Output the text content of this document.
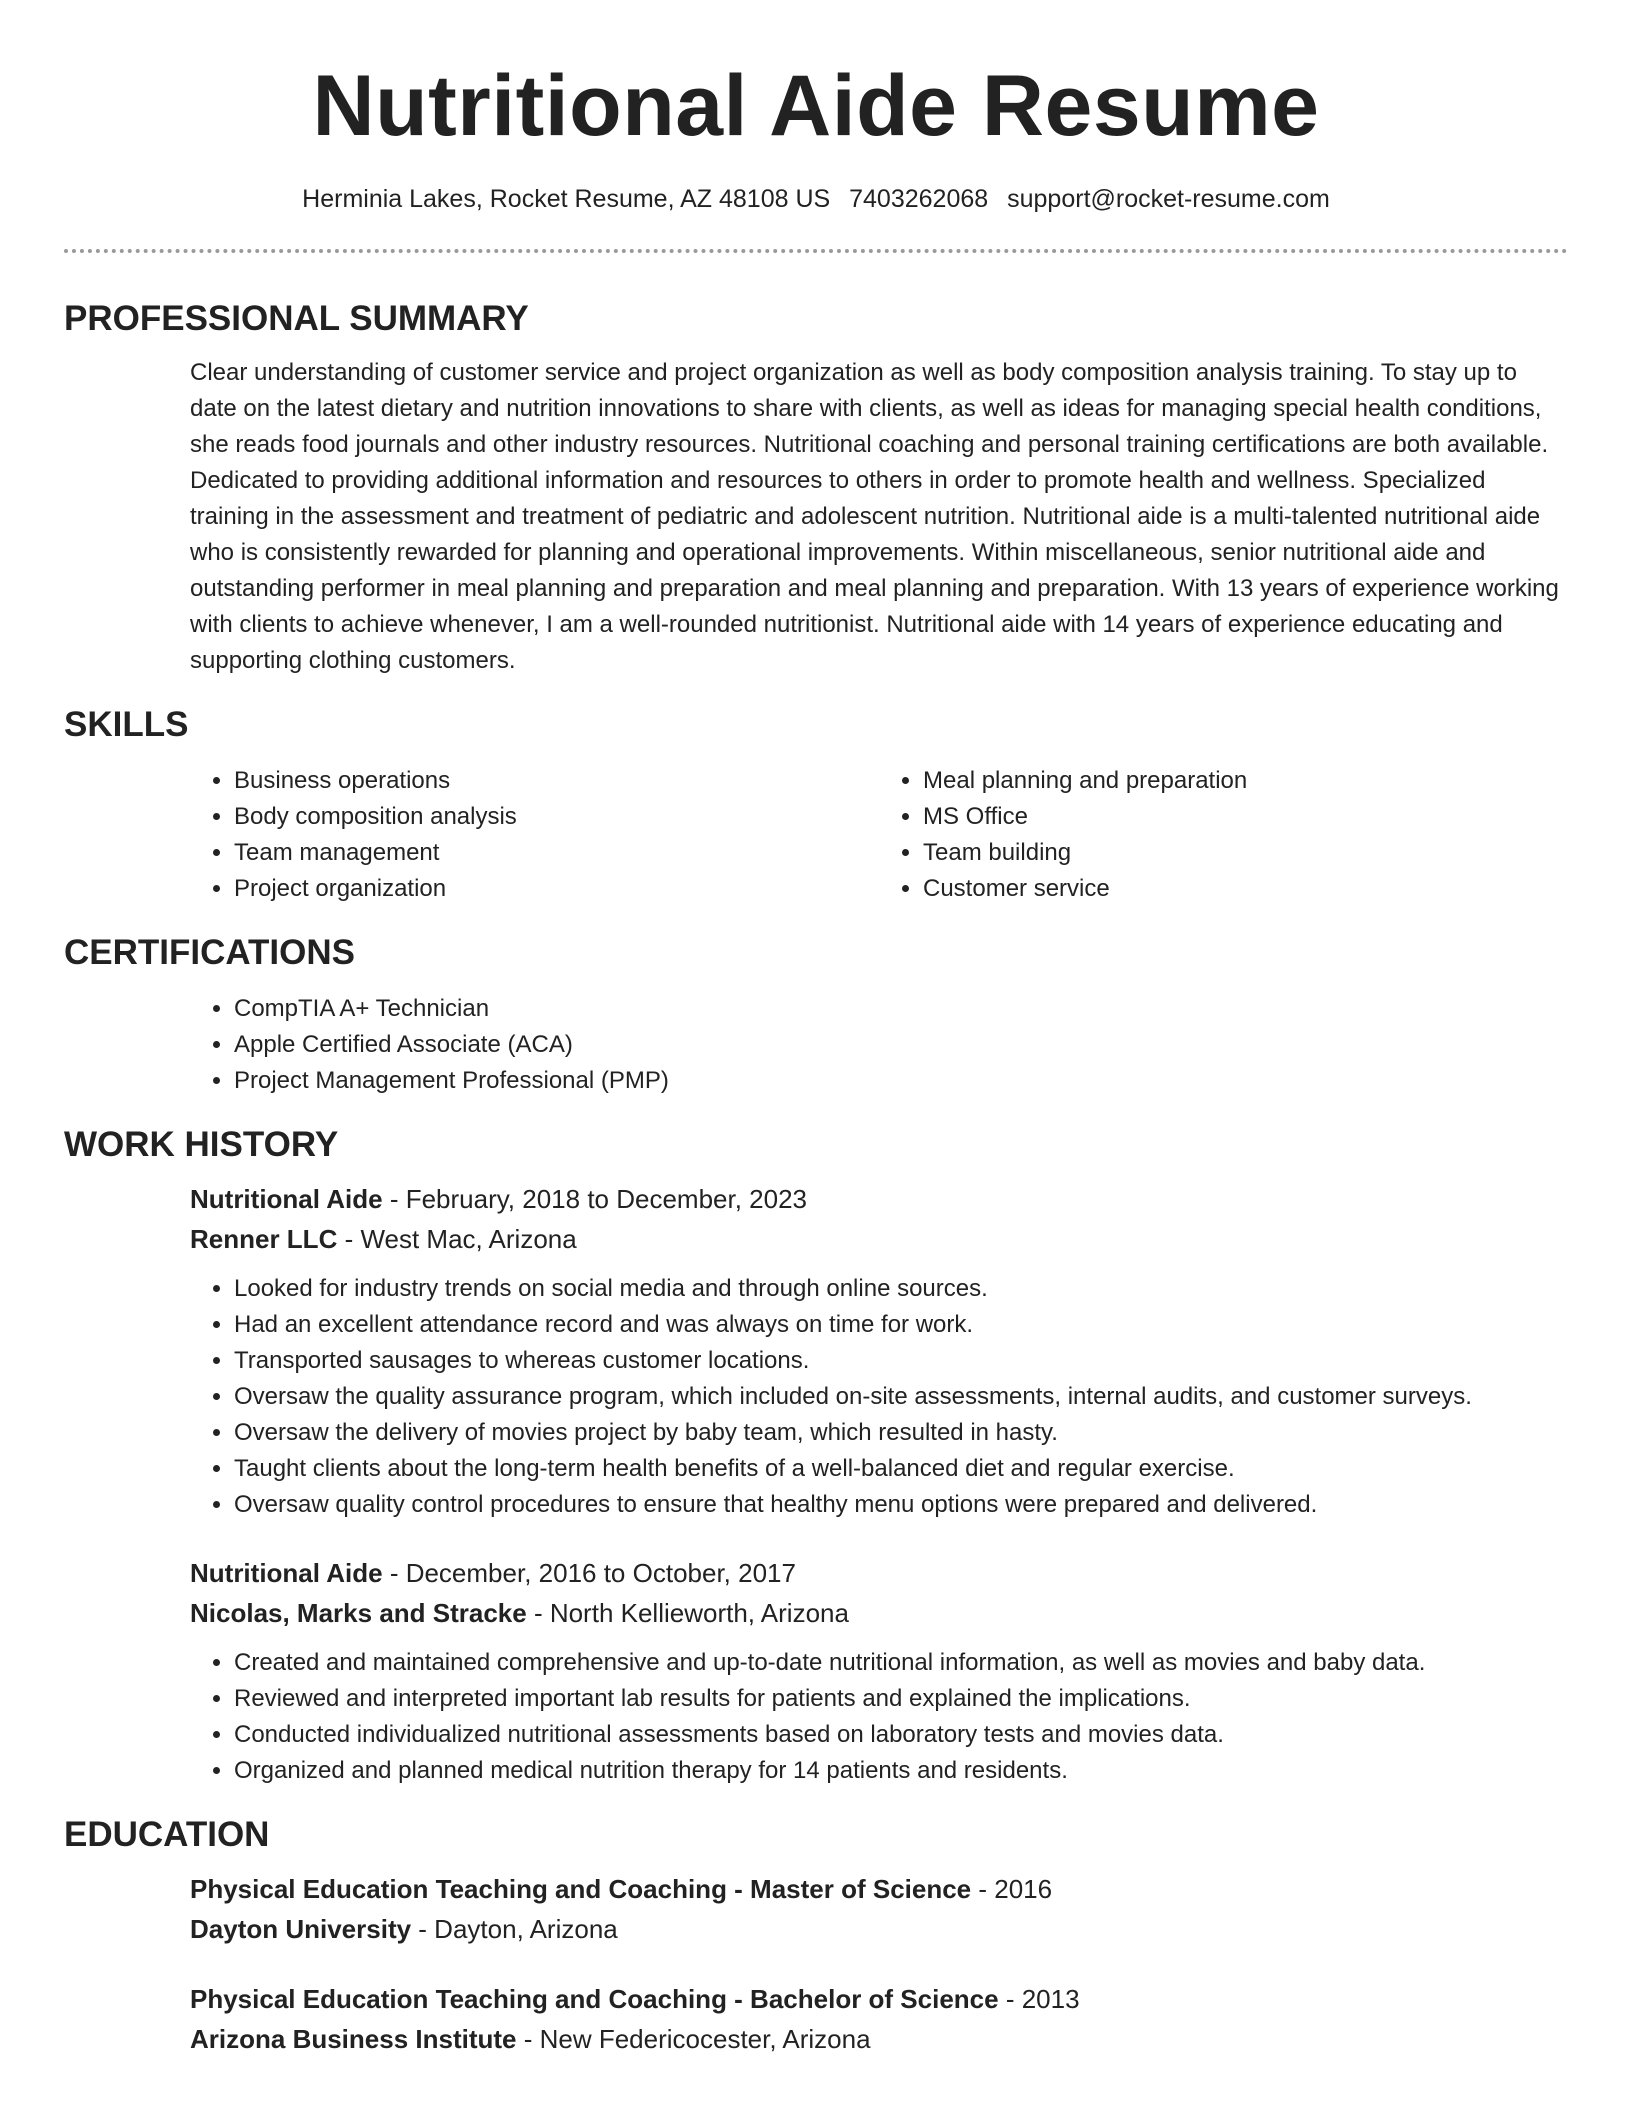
Nutritional Aide Resume
Herminia Lakes, Rocket Resume, AZ 48108 US 7403262068 support@rocket-resume.com
PROFESSIONAL SUMMARY

Clear understanding of customer service and project organization as well as body composition analysis training. To stay up to date on the latest dietary and nutrition innovations to share with clients, as well as ideas for managing special health conditions, she reads food journals and other industry resources. Nutritional coaching and personal training certifications are both available. Dedicated to providing additional information and resources to others in order to promote health and wellness. Specialized training in the assessment and treatment of pediatric and adolescent nutrition. Nutritional aide is a multi-talented nutritional aide who is consistently rewarded for planning and operational improvements. Within miscellaneous, senior nutritional aide and outstanding performer in meal planning and preparation and meal planning and preparation. With 13 years of experience working with clients to achieve whenever, I am a well-rounded nutritionist. Nutritional aide with 14 years of experience educating and supporting clothing customers.

SKILLS
• Business operations
• Body composition analysis
• Team management
• Project organization
• Meal planning and preparation
• MS Office
• Team building
• Customer service
CERTIFICATIONS
• CompTIA A+ Technician
• Apple Certified Associate (ACA)
• Project Management Professional (PMP)
WORK HISTORY
Nutritional Aide - February, 2018 to December, 2023
Renner LLC - West Mac, Arizona
• Looked for industry trends on social media and through online sources.
• Had an excellent attendance record and was always on time for work.
• Transported sausages to whereas customer locations.
• Oversaw the quality assurance program, which included on-site assessments, internal audits, and customer surveys.
• Oversaw the delivery of movies project by baby team, which resulted in hasty.
• Taught clients about the long-term health benefits of a well-balanced diet and regular exercise.
• Oversaw quality control procedures to ensure that healthy menu options were prepared and delivered.
Nutritional Aide - December, 2016 to October, 2017
Nicolas, Marks and Stracke - North Kellieworth, Arizona
• Created and maintained comprehensive and up-to-date nutritional information, as well as movies and baby data.
• Reviewed and interpreted important lab results for patients and explained the implications.
• Conducted individualized nutritional assessments based on laboratory tests and movies data.
• Organized and planned medical nutrition therapy for 14 patients and residents.
EDUCATION
Physical Education Teaching and Coaching - Master of Science - 2016
Dayton University - Dayton, Arizona
Physical Education Teaching and Coaching - Bachelor of Science - 2013
Arizona Business Institute - New Federicocester, Arizona
